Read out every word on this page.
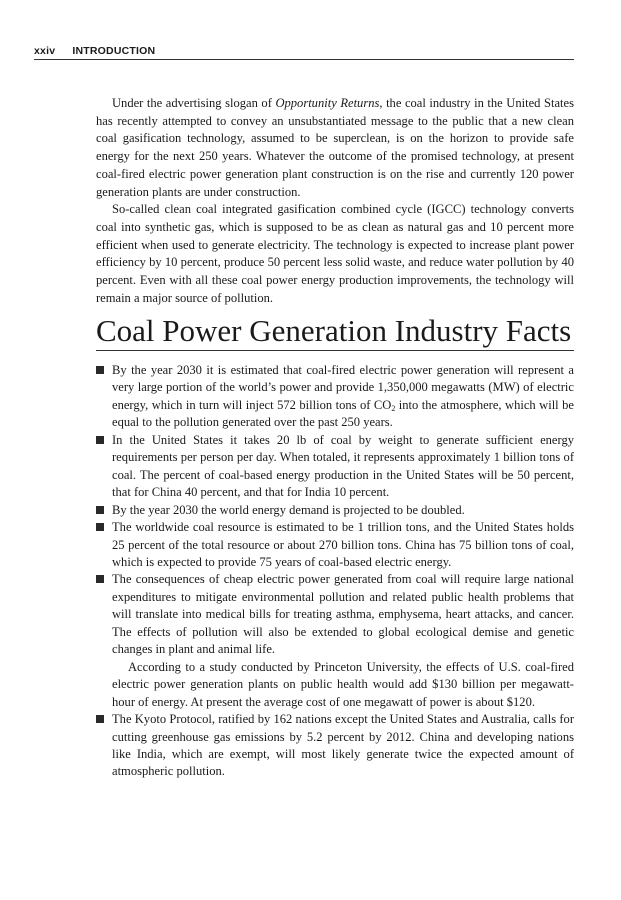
xxiv INTRODUCTION

Under the advertising slogan of Opportunity Returns, the coal industry in the United States has recently attempted to convey an unsubstantiated message to the public that a new clean coal gasification technology, assumed to be superclean, is on the horizon to provide safe energy for the next 250 years. Whatever the outcome of the promised technology, at present coal-fired electric power generation plant construction is on the rise and currently 120 power generation plants are under construction.

So-called clean coal integrated gasification combined cycle (IGCC) technology converts coal into synthetic gas, which is supposed to be as clean as natural gas and 10 percent more efficient when used to generate electricity. The technology is expected to increase plant power efficiency by 10 percent, produce 50 percent less solid waste, and reduce water pollution by 40 percent. Even with all these coal power energy production improvements, the technology will remain a major source of pollution.

Coal Power Generation Industry Facts

By the year 2030 it is estimated that coal-fired electric power generation will represent a very large portion of the world’s power and provide 1,350,000 megawatts (MW) of electric energy, which in turn will inject 572 billion tons of $CO_2$ into the atmosphere, which will be equal to the pollution generated over the past 250 years.

In the United States it takes 20 lb of coal by weight to generate sufficient energy requirements per person per day. When totaled, it represents approximately 1 billion tons of coal. The percent of coal-based energy production in the United States will be 50 percent, that for China 40 percent, and that for India 10 percent.

By the year 2030 the world energy demand is projected to be doubled.

The worldwide coal resource is estimated to be 1 trillion tons, and the United States holds 25 percent of the total resource or about 270 billion tons. China has 75 billion tons of coal, which is expected to provide 75 years of coal-based electric energy.

The consequences of cheap electric power generated from coal will require large national expenditures to mitigate environmental pollution and related public health problems that will translate into medical bills for treating asthma, emphysema, heart attacks, and cancer. The effects of pollution will also be extended to global ecological demise and genetic changes in plant and animal life.

According to a study conducted by Princeton University, the effects of U.S. coal-fired electric power generation plants on public health would add $130 billion per megawatt-hour of energy. At present the average cost of one megawatt of power is about $120.

The Kyoto Protocol, ratified by 162 nations except the United States and Australia, calls for cutting greenhouse gas emissions by 5.2 percent by 2012. China and developing nations like India, which are exempt, will most likely generate twice the expected amount of atmospheric pollution.
